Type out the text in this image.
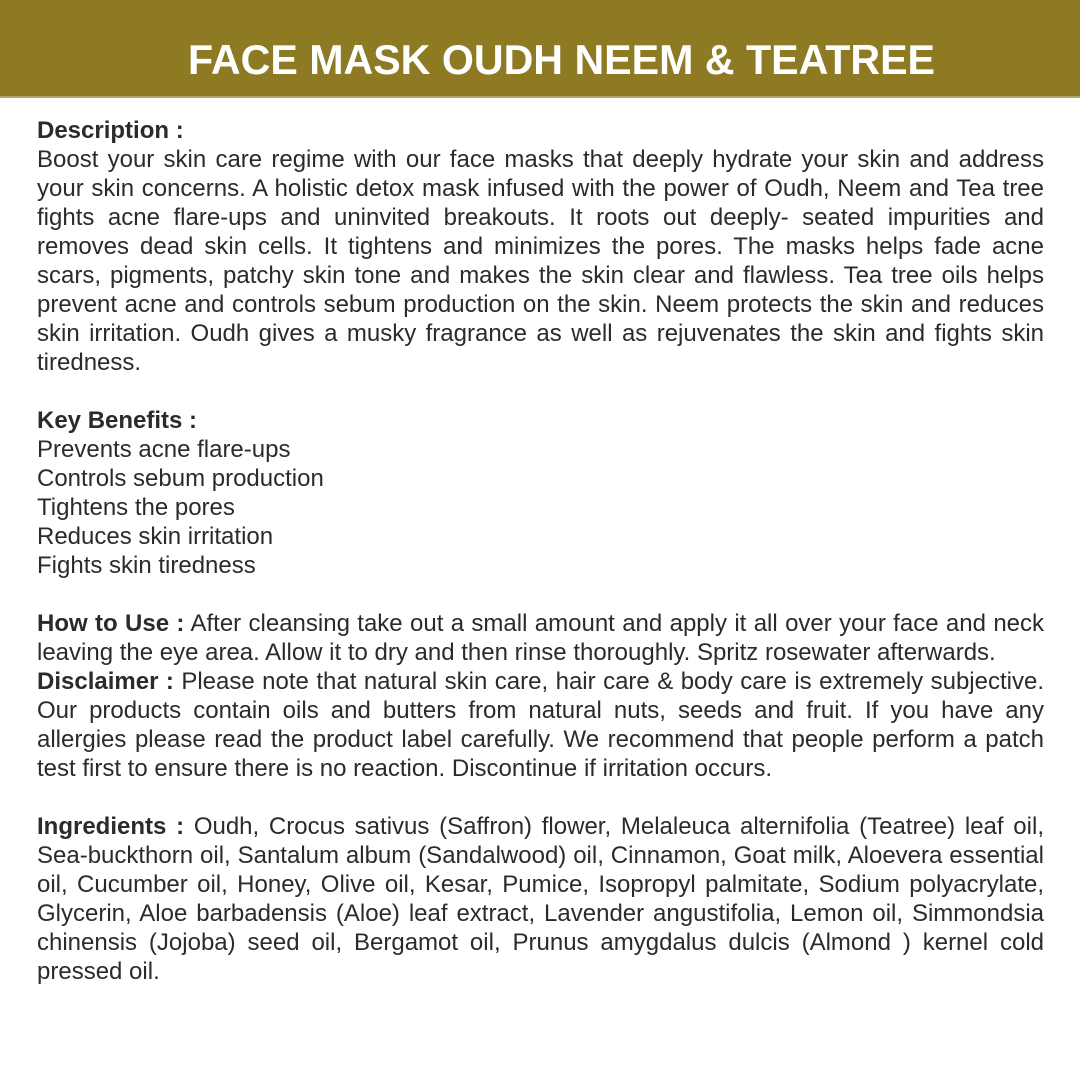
FACE MASK OUDH NEEM & TEATREE
Description :

Boost your skin care regime with our face masks that deeply hydrate your skin and address your skin concerns. A holistic detox mask infused with the power of Oudh, Neem and Tea tree fights acne flare-ups and uninvited breakouts. It roots out deeply- seated impurities and removes dead skin cells. It tightens and minimizes the pores. The masks helps fade acne scars, pigments, patchy skin tone and makes the skin clear and flawless. Tea tree oils helps prevent acne and controls sebum production on the skin. Neem protects the skin and reduces skin irritation. Oudh gives a musky fragrance as well as rejuvenates the skin and fights skin tiredness.

Key Benefits :
Prevents acne flare-ups
Controls sebum production
Tightens the pores
Reduces skin irritation
Fights skin tiredness

How to Use : After cleansing take out a small amount and apply it all over your face and neck leaving the eye area. Allow it to dry and then rinse thoroughly. Spritz rosewater afterwards.

Disclaimer : Please note that natural skin care, hair care & body care is extremely subjective. Our products contain oils and butters from natural nuts, seeds and fruit. If you have any allergies please read the product label carefully. We recommend that people perform a patch test first to ensure there is no reaction. Discontinue if irritation occurs.

Ingredients : Oudh, Crocus sativus (Saffron) flower, Melaleuca alternifolia (Teatree) leaf oil, Sea-buckthorn oil, Santalum album (Sandalwood) oil, Cinnamon, Goat milk, Aloevera essential oil, Cucumber oil, Honey, Olive oil, Kesar, Pumice, Isopropyl palmitate, Sodium polyacrylate, Glycerin, Aloe barbadensis (Aloe) leaf extract, Lavender angustifolia, Lemon oil, Simmondsia chinensis (Jojoba) seed oil, Bergamot oil, Prunus amygdalus dulcis (Almond ) kernel cold pressed oil.
